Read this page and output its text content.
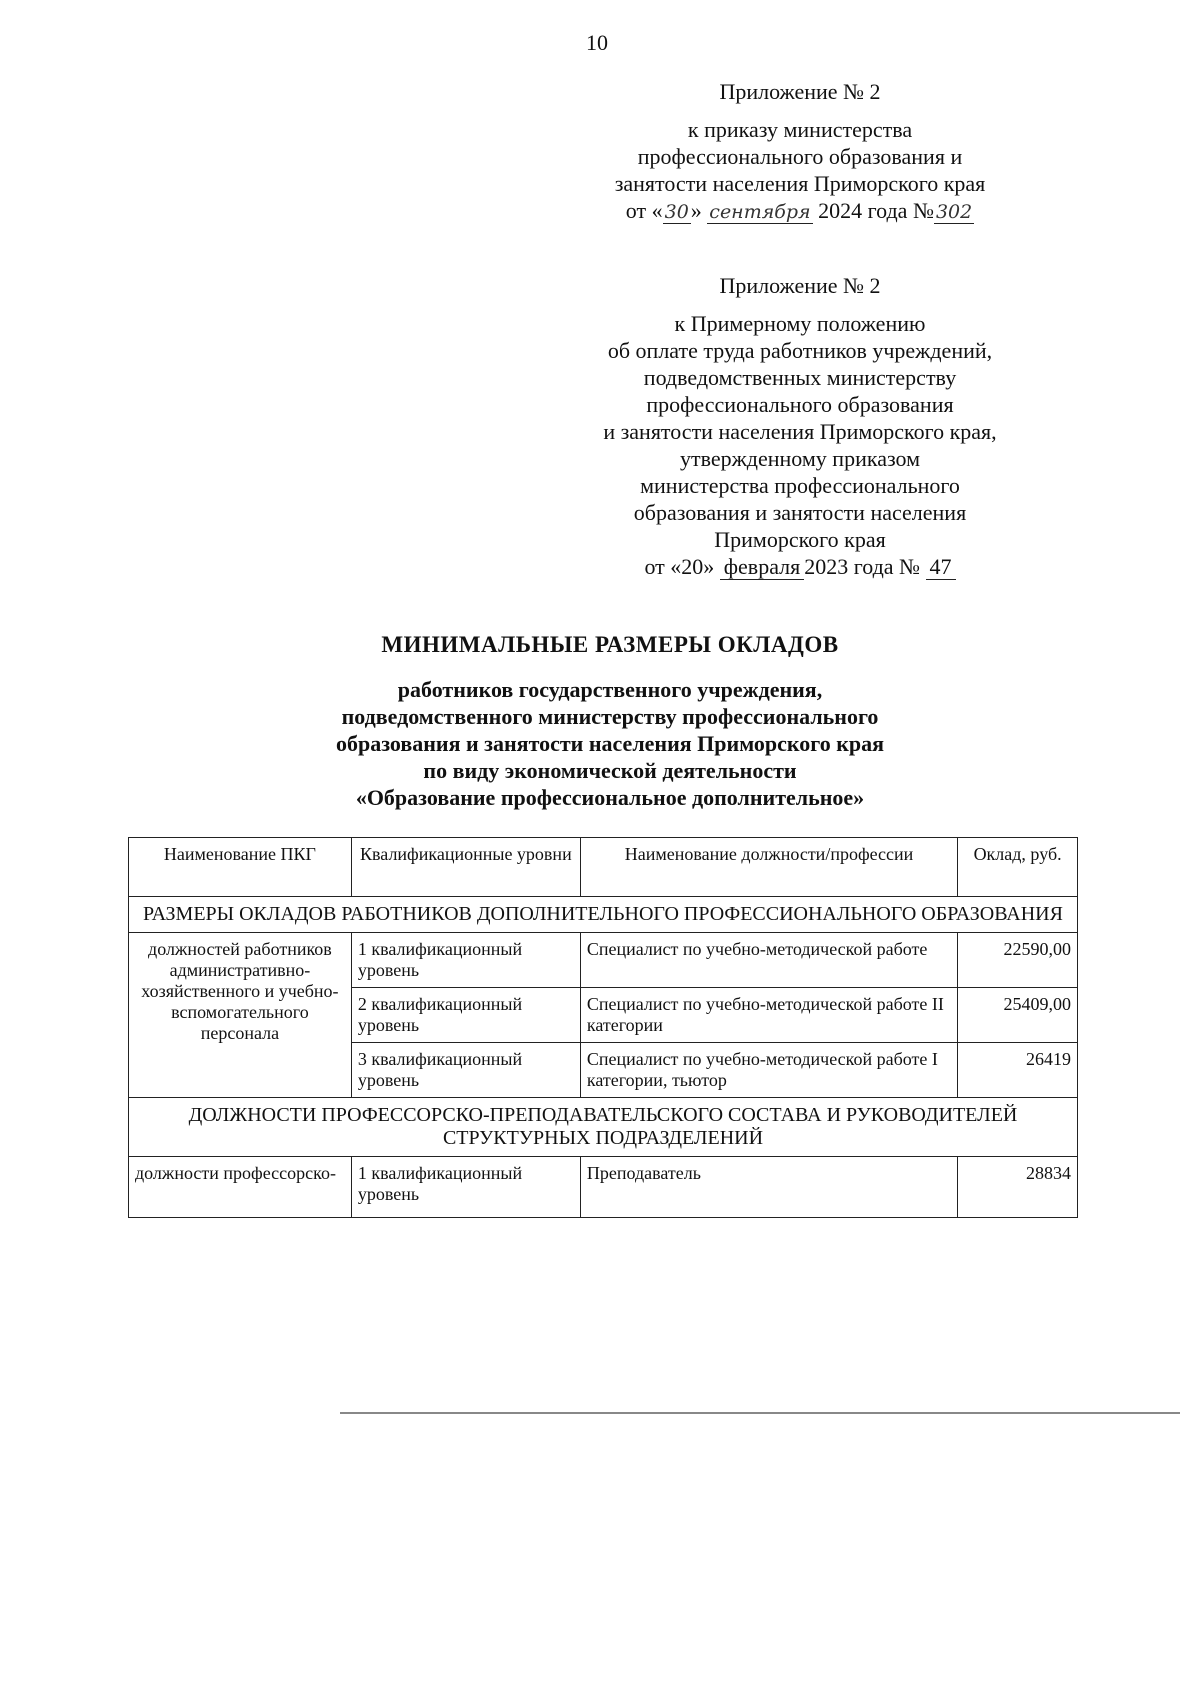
10
Приложение № 2
к приказу министерства
профессионального образования и
занятости населения Приморского края
от « 30» сентября 2024 года № 302
Приложение № 2
к Примерному положению
об оплате труда работников учреждений,
подведомственных министерству
профессионального образования
и занятости населения Приморского края,
утвержденному приказом
министерства профессионального
образования и занятости населения
Приморского края
от «20» февраля 2023 года № 47
МИНИМАЛЬНЫЕ РАЗМЕРЫ ОКЛАДОВ
работников государственного учреждения,
подведомственного министерству профессионального
образования и занятости населения Приморского края
по виду экономической деятельности
«Образование профессиональное дополнительное»
Наименование ПКГ	Квалификационные уровни	Наименование должности/профессии	Оклад, руб.
РАЗМЕРЫ ОКЛАДОВ РАБОТНИКОВ ДОПОЛНИТЕЛЬНОГО ПРОФЕССИОНАЛЬНОГО ОБРАЗОВАНИЯ			
должностей работников административно-хозяйственного и учебно-вспомогательного персонала	1 квалификационный уровень	Специалист по учебно-методической работе	22590,00
	2 квалификационный уровень	Специалист по учебно-методической работе II категории	25409,00
	3 квалификационный уровень	Специалист по учебно-методической работе I категории, тьютор	26419
ДОЛЖНОСТИ ПРОФЕССОРСКО-ПРЕПОДАВАТЕЛЬСКОГО СОСТАВА И РУКОВОДИТЕЛЕЙ СТРУКТУРНЫХ ПОДРАЗДЕЛЕНИЙ			
должности профессорско-	1 квалификационный уровень	Преподаватель	28834
